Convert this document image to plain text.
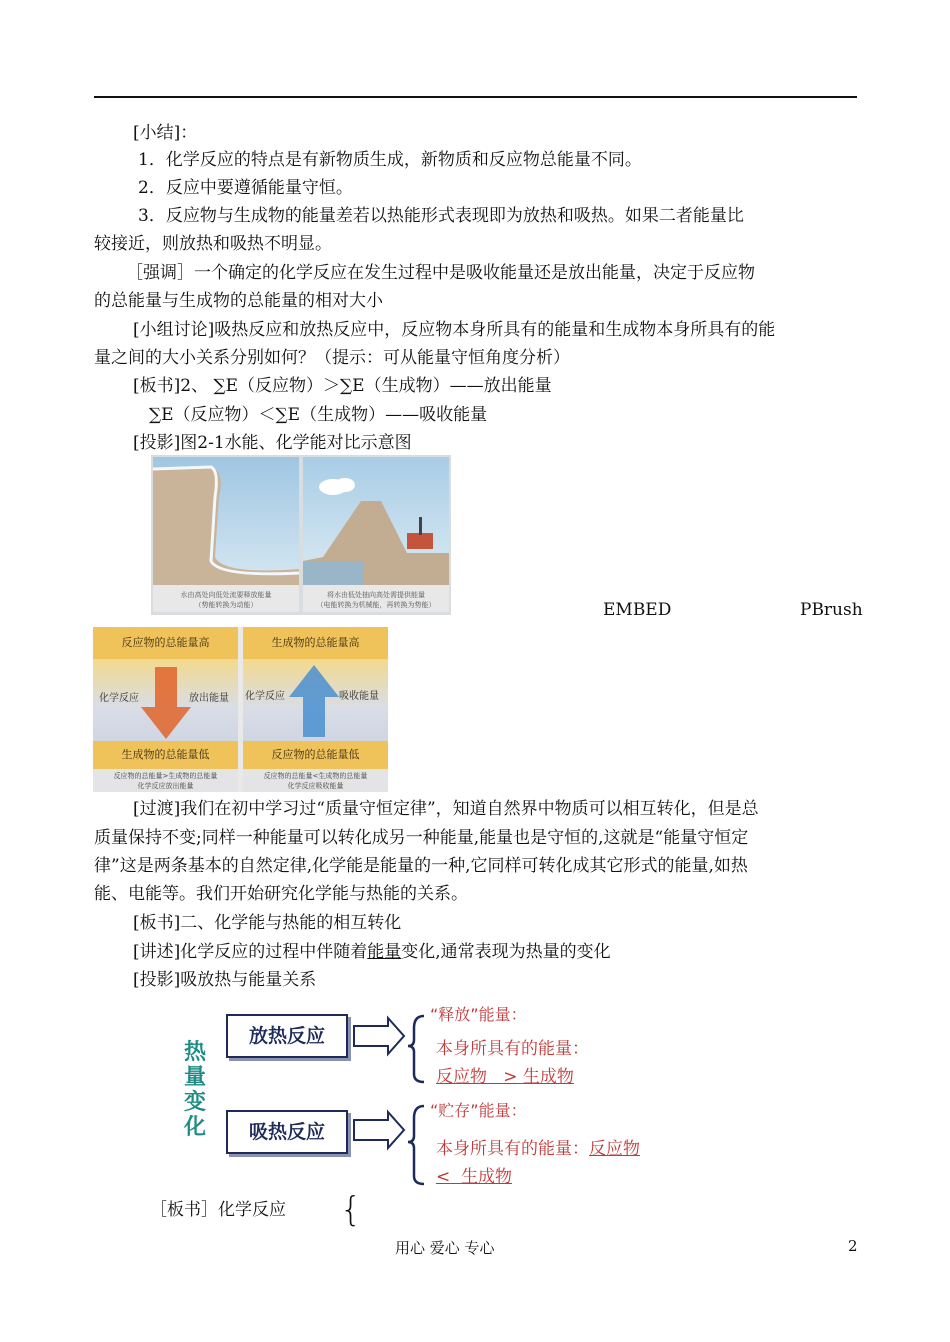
[小结]：
1．化学反应的特点是有新物质生成，新物质和反应物总能量不同。
2．反应中要遵循能量守恒。
3．反应物与生成物的能量差若以热能形式表现即为放热和吸热。如果二者能量比
较接近，则放热和吸热不明显。
［强调］一个确定的化学反应在发生过程中是吸收能量还是放出能量，决定于反应物
的总能量与生成物的总能量的相对大小
[小组讨论]吸热反应和放热反应中，反应物本身所具有的能量和生成物本身所具有的能
量之间的大小关系分别如何？（提示：可从能量守恒角度分析）
[板书]2、 ∑E（反应物）＞∑E（生成物）——放出能量
∑E（反应物）＜∑E（生成物）——吸收能量
[投影]图2-1水能、化学能对比示意图
水由高处向低处流要释放能量
（势能转换为动能）
将水由低处抽向高处需提供能量
（电能转换为机械能，再转换为势能）	EMBED	PBrush
反应物的总能量高
化学反应	放出能量
生成物的总能量低
反应物的总能量>生成物的总能量
化学反应放出能量
生成物的总能量高
化学反应	吸收能量
反应物的总能量低
反应物的总能量<生成物的总能量
化学反应吸收能量
[过渡]我们在初中学习过“质量守恒定律”，知道自然界中物质可以相互转化，但是总
质量保持不变;同样一种能量可以转化成另一种能量,能量也是守恒的,这就是“能量守恒定
律”这是两条基本的自然定律,化学能是能量的一种,它同样可转化成其它形式的能量,如热
能、电能等。我们开始研究化学能与热能的关系。
[板书]二、化学能与热能的相互转化
[讲述]化学反应的过程中伴随着能量变化,通常表现为热量的变化
[投影]吸放热与能量关系
热
量
变
化
放热反应
“释放”能量：
本身所具有的能量：
反应物 > 生成物
吸热反应
“贮存”能量：
本身所具有的能量：反应物
< 生成物
［板书］化学反应 {
用心 爱心 专心	2
